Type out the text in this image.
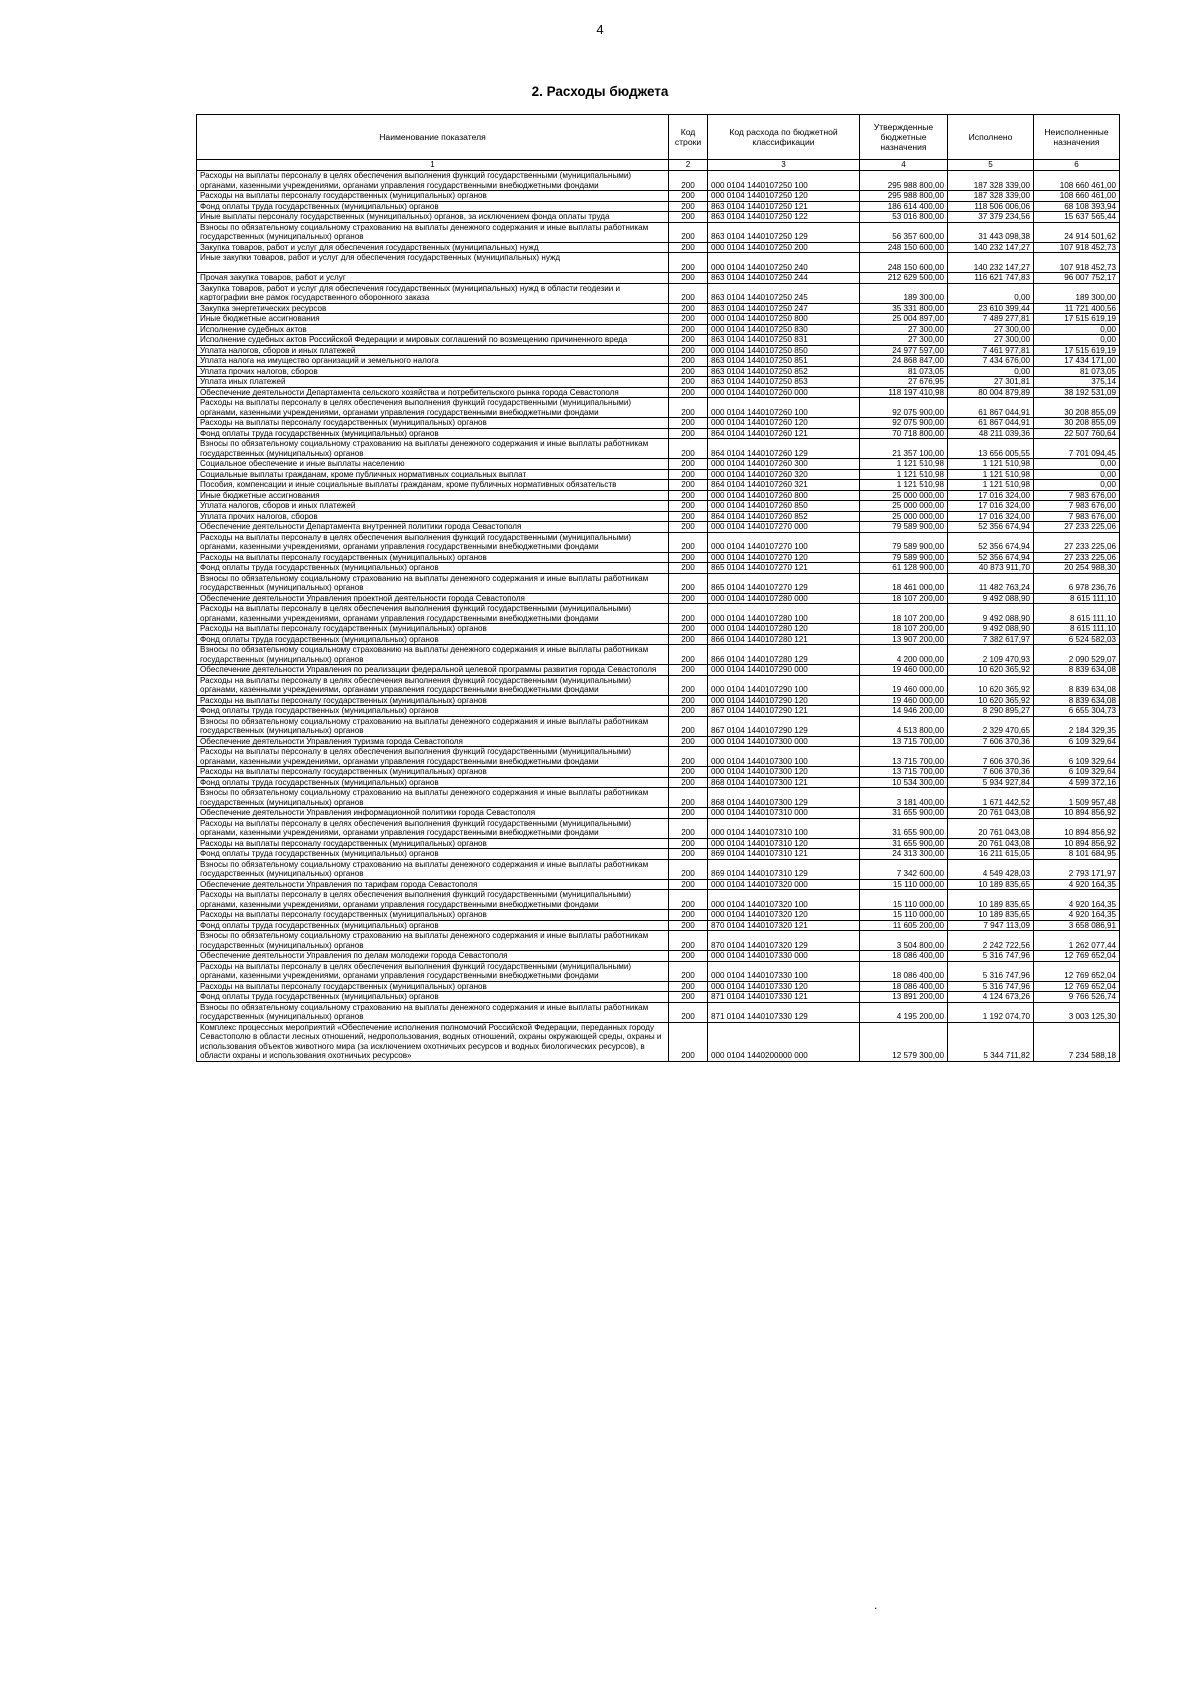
4
2. Расходы бюджета
Наименование показателя	Код строки	Код расхода по бюджетной классификации	Утвержденные бюджетные назначения	Исполнено	Неисполненные назначения
1	2	3	4	5	6
Расходы на выплаты персоналу в целях обеспечения выполнения функций государственными (муниципальными) органами, казенными учреждениями, органами управления государственными внебюджетными фондами	200	000 0104 1440107250 100	295 988 800,00	187 328 339,00	108 660 461,00
Расходы на выплаты персоналу государственных (муниципальных) органов	200	000 0104 1440107250 120	295 988 800,00	187 328 339,00	108 660 461,00
Фонд оплаты труда государственных (муниципальных) органов	200	863 0104 1440107250 121	186 614 400,00	118 506 006,06	68 108 393,94
Иные выплаты персоналу государственных (муниципальных) органов, за исключением фонда оплаты труда	200	863 0104 1440107250 122	53 016 800,00	37 379 234,56	15 637 565,44
Взносы по обязательному социальному страхованию на выплаты денежного содержания и иные выплаты работникам государственных (муниципальных) органов	200	863 0104 1440107250 129	56 357 600,00	31 443 098,38	24 914 501,62
Закупка товаров, работ и услуг для обеспечения государственных (муниципальных) нужд	200	000 0104 1440107250 200	248 150 600,00	140 232 147,27	107 918 452,73
Иные закупки товаров, работ и услуг для обеспечения государственных (муниципальных) нужд	200	000 0104 1440107250 240	248 150 600,00	140 232 147,27	107 918 452,73
Прочая закупка товаров, работ и услуг	200	863 0104 1440107250 244	212 629 500,00	116 621 747,83	96 007 752,17
Закупка товаров, работ и услуг для обеспечения государственных (муниципальных) нужд в области геодезии и картографии вне рамок государственного оборонного заказа	200	863 0104 1440107250 245	189 300,00	0,00	189 300,00
Закупка энергетических ресурсов	200	863 0104 1440107250 247	35 331 800,00	23 610 399,44	11 721 400,56
Иные бюджетные ассигнования	200	000 0104 1440107250 800	25 004 897,00	7 489 277,81	17 515 619,19
Исполнение судебных актов	200	000 0104 1440107250 830	27 300,00	27 300,00	0,00
Исполнение судебных актов Российской Федерации и мировых соглашений по возмещению причиненного вреда	200	863 0104 1440107250 831	27 300,00	27 300,00	0,00
Уплата налогов, сборов и иных платежей	200	000 0104 1440107250 850	24 977 597,00	7 461 977,81	17 515 619,19
Уплата налога на имущество организаций и земельного налога	200	863 0104 1440107250 851	24 868 847,00	7 434 676,00	17 434 171,00
Уплата прочих налогов, сборов	200	863 0104 1440107250 852	81 073,05	0,00	81 073,05
Уплата иных платежей	200	863 0104 1440107250 853	27 676,95	27 301,81	375,14
Обеспечение деятельности Департамента сельского хозяйства и потребительского рынка города Севастополя	200	000 0104 1440107260 000	118 197 410,98	80 004 879,89	38 192 531,09
Расходы на выплаты персоналу в целях обеспечения выполнения функций государственными (муниципальными) органами, казенными учреждениями, органами управления государственными внебюджетными фондами	200	000 0104 1440107260 100	92 075 900,00	61 867 044,91	30 208 855,09
Расходы на выплаты персоналу государственных (муниципальных) органов	200	000 0104 1440107260 120	92 075 900,00	61 867 044,91	30 208 855,09
Фонд оплаты труда государственных (муниципальных) органов	200	864 0104 1440107260 121	70 718 800,00	48 211 039,36	22 507 760,64
Взносы по обязательному социальному страхованию на выплаты денежного содержания и иные выплаты работникам государственных (муниципальных) органов	200	864 0104 1440107260 129	21 357 100,00	13 656 005,55	7 701 094,45
Социальное обеспечение и иные выплаты населению	200	000 0104 1440107260 300	1 121 510,98	1 121 510,98	0,00
Социальные выплаты гражданам, кроме публичных нормативных социальных выплат	200	000 0104 1440107260 320	1 121 510,98	1 121 510,98	0,00
Пособия, компенсации и иные социальные выплаты гражданам, кроме публичных нормативных обязательств	200	864 0104 1440107260 321	1 121 510,98	1 121 510,98	0,00
Иные бюджетные ассигнования	200	000 0104 1440107260 800	25 000 000,00	17 016 324,00	7 983 676,00
Уплата налогов, сборов и иных платежей	200	000 0104 1440107260 850	25 000 000,00	17 016 324,00	7 983 676,00
Уплата прочих налогов, сборов	200	864 0104 1440107260 852	25 000 000,00	17 016 324,00	7 983 676,00
Обеспечение деятельности Департамента внутренней политики города Севастополя	200	000 0104 1440107270 000	79 589 900,00	52 356 674,94	27 233 225,06
Расходы на выплаты персоналу в целях обеспечения выполнения функций государственными (муниципальными) органами, казенными учреждениями, органами управления государственными внебюджетными фондами	200	000 0104 1440107270 100	79 589 900,00	52 356 674,94	27 233 225,06
Расходы на выплаты персоналу государственных (муниципальных) органов	200	000 0104 1440107270 120	79 589 900,00	52 356 674,94	27 233 225,06
Фонд оплаты труда государственных (муниципальных) органов	200	865 0104 1440107270 121	61 128 900,00	40 873 911,70	20 254 988,30
Взносы по обязательному социальному страхованию на выплаты денежного содержания и иные выплаты работникам государственных (муниципальных) органов	200	865 0104 1440107270 129	18 461 000,00	11 482 763,24	6 978 236,76
Обеспечение деятельности Управления проектной деятельности города Севастополя	200	000 0104 1440107280 000	18 107 200,00	9 492 088,90	8 615 111,10
Расходы на выплаты персоналу в целях обеспечения выполнения функций государственными (муниципальными) органами, казенными учреждениями, органами управления государственными внебюджетными фондами	200	000 0104 1440107280 100	18 107 200,00	9 492 088,90	8 615 111,10
Расходы на выплаты персоналу государственных (муниципальных) органов	200	000 0104 1440107280 120	18 107 200,00	9 492 088,90	8 615 111,10
Фонд оплаты труда государственных (муниципальных) органов	200	866 0104 1440107280 121	13 907 200,00	7 382 617,97	6 524 582,03
Взносы по обязательному социальному страхованию на выплаты денежного содержания и иные выплаты работникам государственных (муниципальных) органов	200	866 0104 1440107280 129	4 200 000,00	2 109 470,93	2 090 529,07
Обеспечение деятельности Управления по реализации федеральной целевой программы развития города Севастополя	200	000 0104 1440107290 000	19 460 000,00	10 620 365,92	8 839 634,08
Расходы на выплаты персоналу в целях обеспечения выполнения функций государственными (муниципальными) органами, казенными учреждениями, органами управления государственными внебюджетными фондами	200	000 0104 1440107290 100	19 460 000,00	10 620 365,92	8 839 634,08
Расходы на выплаты персоналу государственных (муниципальных) органов	200	000 0104 1440107290 120	19 460 000,00	10 620 365,92	8 839 634,08
Фонд оплаты труда государственных (муниципальных) органов	200	867 0104 1440107290 121	14 946 200,00	8 290 895,27	6 655 304,73
Взносы по обязательному социальному страхованию на выплаты денежного содержания и иные выплаты работникам государственных (муниципальных) органов	200	867 0104 1440107290 129	4 513 800,00	2 329 470,65	2 184 329,35
Обеспечение деятельности Управления туризма города Севастополя	200	000 0104 1440107300 000	13 715 700,00	7 606 370,36	6 109 329,64
Расходы на выплаты персоналу в целях обеспечения выполнения функций государственными (муниципальными) органами, казенными учреждениями, органами управления государственными внебюджетными фондами	200	000 0104 1440107300 100	13 715 700,00	7 606 370,36	6 109 329,64
Расходы на выплаты персоналу государственных (муниципальных) органов	200	000 0104 1440107300 120	13 715 700,00	7 606 370,36	6 109 329,64
Фонд оплаты труда государственных (муниципальных) органов	200	868 0104 1440107300 121	10 534 300,00	5 934 927,84	4 599 372,16
Взносы по обязательному социальному страхованию на выплаты денежного содержания и иные выплаты работникам государственных (муниципальных) органов	200	868 0104 1440107300 129	3 181 400,00	1 671 442,52	1 509 957,48
Обеспечение деятельности Управления информационной политики города Севастополя	200	000 0104 1440107310 000	31 655 900,00	20 761 043,08	10 894 856,92
Расходы на выплаты персоналу в целях обеспечения выполнения функций государственными (муниципальными) органами, казенными учреждениями, органами управления государственными внебюджетными фондами	200	000 0104 1440107310 100	31 655 900,00	20 761 043,08	10 894 856,92
Расходы на выплаты персоналу государственных (муниципальных) органов	200	000 0104 1440107310 120	31 655 900,00	20 761 043,08	10 894 856,92
Фонд оплаты труда государственных (муниципальных) органов	200	869 0104 1440107310 121	24 313 300,00	16 211 615,05	8 101 684,95
Взносы по обязательному социальному страхованию на выплаты денежного содержания и иные выплаты работникам государственных (муниципальных) органов	200	869 0104 1440107310 129	7 342 600,00	4 549 428,03	2 793 171,97
Обеспечение деятельности Управления по тарифам города Севастополя	200	000 0104 1440107320 000	15 110 000,00	10 189 835,65	4 920 164,35
Расходы на выплаты персоналу в целях обеспечения выполнения функций государственными (муниципальными) органами, казенными учреждениями, органами управления государственными внебюджетными фондами	200	000 0104 1440107320 100	15 110 000,00	10 189 835,65	4 920 164,35
Расходы на выплаты персоналу государственных (муниципальных) органов	200	000 0104 1440107320 120	15 110 000,00	10 189 835,65	4 920 164,35
Фонд оплаты труда государственных (муниципальных) органов	200	870 0104 1440107320 121	11 605 200,00	7 947 113,09	3 658 086,91
Взносы по обязательному социальному страхованию на выплаты денежного содержания и иные выплаты работникам государственных (муниципальных) органов	200	870 0104 1440107320 129	3 504 800,00	2 242 722,56	1 262 077,44
Обеспечение деятельности Управления по делам молодежи города Севастополя	200	000 0104 1440107330 000	18 086 400,00	5 316 747,96	12 769 652,04
Расходы на выплаты персоналу в целях обеспечения выполнения функций государственными (муниципальными) органами, казенными учреждениями, органами управления государственными внебюджетными фондами	200	000 0104 1440107330 100	18 086 400,00	5 316 747,96	12 769 652,04
Расходы на выплаты персоналу государственных (муниципальных) органов	200	000 0104 1440107330 120	18 086 400,00	5 316 747,96	12 769 652,04
Фонд оплаты труда государственных (муниципальных) органов	200	871 0104 1440107330 121	13 891 200,00	4 124 673,26	9 766 526,74
Взносы по обязательному социальному страхованию на выплаты денежного содержания и иные выплаты работникам государственных (муниципальных) органов	200	871 0104 1440107330 129	4 195 200,00	1 192 074,70	3 003 125,30
Комплекс процессных мероприятий «Обеспечение исполнения полномочий Российской Федерации, переданных городу Севастополю в области лесных отношений, недропользования, водных отношений, охраны окружающей среды, охраны и использования объектов животного мира (за исключением охотничьих ресурсов и водных биологических ресурсов), в области охраны и использования охотничьих ресурсов»	200	000 0104 1440200000 000	12 579 300,00	5 344 711,82	7 234 588,18
.
